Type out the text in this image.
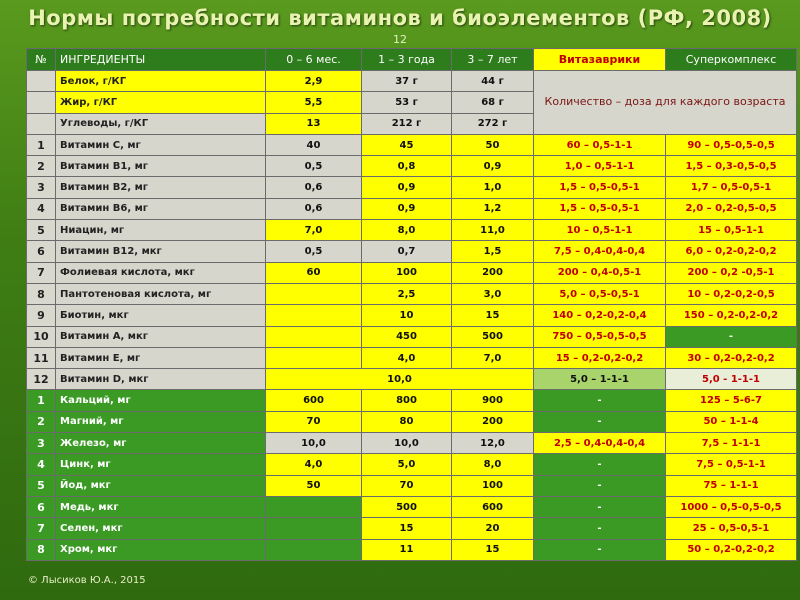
Нормы потребности витаминов и биоэлементов (РФ, 2008)
12
№	ИНГРЕДИЕНТЫ	0 – 6 мес.	1 – 3 года	3 – 7 лет	Витазаврики	Суперкомплекс
	Белок, г/КГ	2,9	37 г	44 г	Количество – доза для каждого возраста	
	Жир, г/КГ	5,5	53 г	68 г		
	Углеводы, г/КГ	13	212 г	272 г		
1	Витамин С, мг	40	45	50	60 – 0,5-1-1	90 – 0,5-0,5-0,5
2	Витамин В1, мг	0,5	0,8	0,9	1,0 – 0,5-1-1	1,5 – 0,3-0,5-0,5
3	Витамин В2, мг	0,6	0,9	1,0	1,5 – 0,5-0,5-1	1,7 – 0,5-0,5-1
4	Витамин В6, мг	0,6	0,9	1,2	1,5 – 0,5-0,5-1	2,0 – 0,2-0,5-0,5
5	Ниацин, мг	7,0	8,0	11,0	10 – 0,5-1-1	15 – 0,5-1-1
6	Витамин В12, мкг	0,5	0,7	1,5	7,5 – 0,4-0,4-0,4	6,0 – 0,2-0,2-0,2
7	Фолиевая кислота, мкг	60	100	200	200 – 0,4-0,5-1	200 – 0,2 -0,5-1
8	Пантотеновая кислота, мг		2,5	3,0	5,0 – 0,5-0,5-1	10 – 0,2-0,2-0,5
9	Биотин, мкг		10	15	140 – 0,2-0,2-0,4	150 – 0,2-0,2-0,2
10	Витамин А, мкг		450	500	750 – 0,5-0,5-0,5	-
11	Витамин Е, мг		4,0	7,0	15 – 0,2-0,2-0,2	30 – 0,2-0,2-0,2
12	Витамин D, мкг	10,0			5,0 – 1-1-1	5,0 - 1-1-1
1	Кальций, мг	600	800	900	-	125 – 5-6-7
2	Магний, мг	70	80	200	-	50 – 1-1-4
3	Железо, мг	10,0	10,0	12,0	2,5 – 0,4-0,4-0,4	7,5 – 1-1-1
4	Цинк, мг	4,0	5,0	8,0	-	7,5 – 0,5-1-1
5	Йод, мкг	50	70	100	-	75 – 1-1-1
6	Медь, мкг		500	600	-	1000 – 0,5-0,5-0,5
7	Селен, мкг		15	20	-	25 – 0,5-0,5-1
8	Хром, мкг		11	15	-	50 – 0,2-0,2-0,2
© Лысиков Ю.А., 2015
